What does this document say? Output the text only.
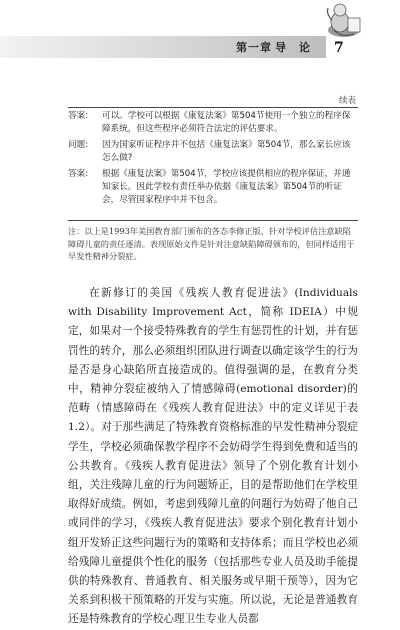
第一章 导　论 7
续表
答案: 可以。学校可以根据《康复法案》第504节使用一个独立的程序保障系统，但这些程序必须符合法定的评估要求。
问题: 因为国家听证程序并不包括《康复法案》第504节，那么家长应该怎么做?
答案: 根据《康复法案》第504节，学校应该提供相应的程序保证，并通知家长。因此学校有责任举办依据《康复法案》第504节的听证会，尽管国家程序中并不包含。
注：以上是1993年美国教育部门颁布的各态李修正版，针对学校评估注意缺陷障碍儿童的责任逐清。表现原始文件是针对注意缺陷障碍颁布的，但同样适用于早发性精神分裂症。

在新修订的美国《残疾人教育促进法》(Individuals with Disability Improvement Act，简称 IDEIA）中规定，如果对一个接受特殊教育的学生有惩罚性的计划，并有惩罚性的转介，那么必须组织团队进行调查以确定该学生的行为是否是身心缺陷所直接造成的。值得强调的是，在教育分类中，精神分裂症被纳入了情感障碍(emotional disorder)的范畴（情感障碍在《残疾人教育促进法》中的定义详见于表1.2）。对于那些满足了特殊教育资格标准的早发性精神分裂症学生，学校必须确保教学程序不会妨碍学生得到免费和适当的公共教育。《残疾人教育促进法》领导了个别化教育计划小组，关注残障儿童的行为问题矫正，目的是帮助他们在学校里取得好成绩。例如，考虑到残障儿童的问题行为妨碍了他自己或同伴的学习，《残疾人教育促进法》要求个别化教育计划小组开发矫正这些问题行为的策略和支持体系；而且学校也必须给残障儿童提供个性化的服务（包括那些专业人员及助手能提供的特殊教育、普通教育、相关服务或早期干预等），因为它关系到积极干预策略的开发与实施。所以说，无论是普通教育还是特殊教育的学校心理卫生专业人员都
